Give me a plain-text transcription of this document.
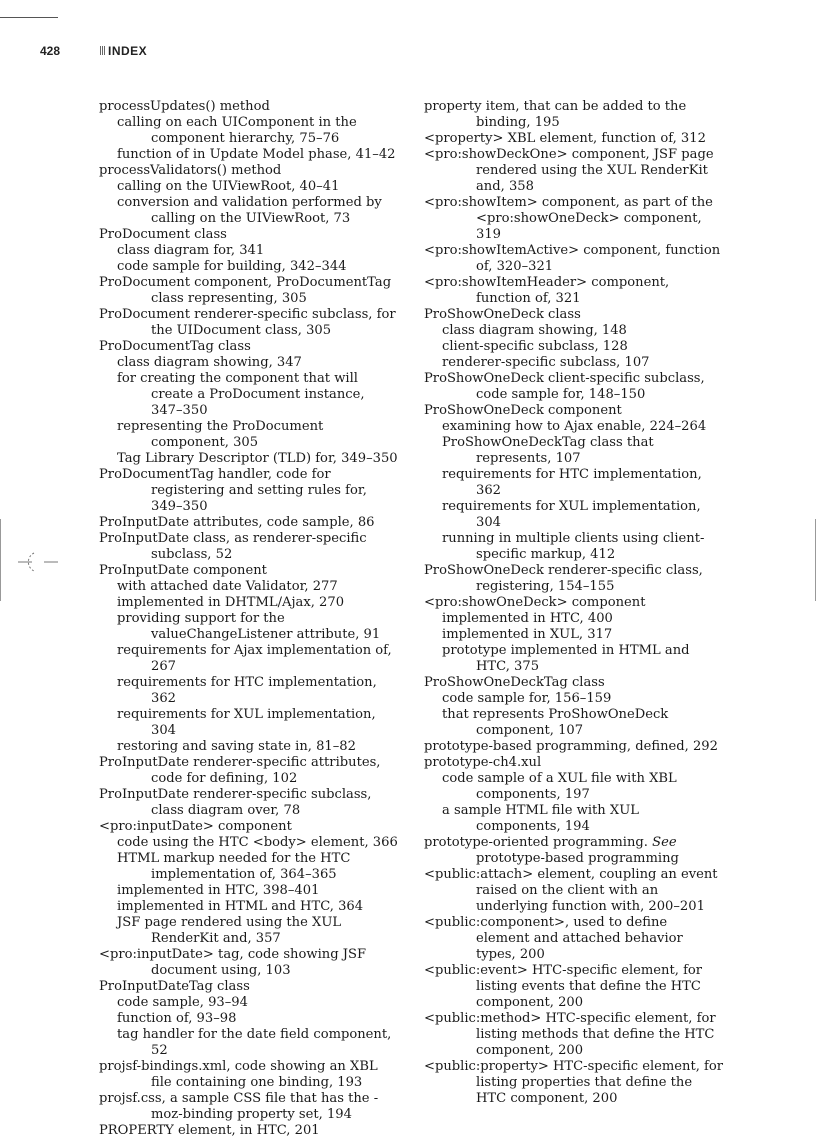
428	INDEX

processUpdates() method

calling on each UIComponent in the component hierarchy, 75–76

function of in Update Model phase, 41–42

processValidators() method

calling on the UIViewRoot, 40–41

conversion and validation performed by calling on the UIViewRoot, 73

ProDocument class

class diagram for, 341

code sample for building, 342–344

ProDocument component, ProDocumentTag class representing, 305

ProDocument renderer-specific subclass, for the UIDocument class, 305

ProDocumentTag class

class diagram showing, 347

for creating the component that will create a ProDocument instance, 347–350

representing the ProDocument component, 305

Tag Library Descriptor (TLD) for, 349–350

ProDocumentTag handler, code for registering and setting rules for, 349–350

ProInputDate attributes, code sample, 86

ProInputDate class, as renderer-specific subclass, 52

ProInputDate component

with attached date Validator, 277

implemented in DHTML/Ajax, 270

providing support for the valueChangeListener attribute, 91

requirements for Ajax implementation of, 267

requirements for HTC implementation, 362

requirements for XUL implementation, 304

restoring and saving state in, 81–82

ProInputDate renderer-specific attributes, code for defining, 102

ProInputDate renderer-specific subclass, class diagram over, 78

<pro:inputDate> component

code using the HTC <body> element, 366

HTML markup needed for the HTC implementation of, 364–365

implemented in HTC, 398–401

implemented in HTML and HTC, 364

JSF page rendered using the XUL RenderKit and, 357

<pro:inputDate> tag, code showing JSF document using, 103

ProInputDateTag class

code sample, 93–94

function of, 93–98

tag handler for the date field component, 52

projsf-bindings.xml, code showing an XBL file containing one binding, 193

projsf.css, a sample CSS file that has the -moz-binding property set, 194

PROPERTY element, in HTC, 201

property item, that can be added to the binding, 195

<property> XBL element, function of, 312

<pro:showDeckOne> component, JSF page rendered using the XUL RenderKit and, 358

<pro:showItem> component, as part of the <pro:showOneDeck> component, 319

<pro:showItemActive> component, function of, 320–321

<pro:showItemHeader> component, function of, 321

ProShowOneDeck class

class diagram showing, 148

client-specific subclass, 128

renderer-specific subclass, 107

ProShowOneDeck client-specific subclass, code sample for, 148–150

ProShowOneDeck component

examining how to Ajax enable, 224–264

ProShowOneDeckTag class that represents, 107

requirements for HTC implementation, 362

requirements for XUL implementation, 304

running in multiple clients using client-specific markup, 412

ProShowOneDeck renderer-specific class, registering, 154–155

<pro:showOneDeck> component

implemented in HTC, 400

implemented in XUL, 317

prototype implemented in HTML and HTC, 375

ProShowOneDeckTag class

code sample for, 156–159

that represents ProShowOneDeck component, 107

prototype-based programming, defined, 292

prototype-ch4.xul

code sample of a XUL file with XBL components, 197

a sample HTML file with XUL components, 194

prototype-oriented programming. See prototype-based programming

<public:attach> element, coupling an event raised on the client with an underlying function with, 200–201

<public:component>, used to define element and attached behavior types, 200

<public:event> HTC-specific element, for listing events that define the HTC component, 200

<public:method> HTC-specific element, for listing methods that define the HTC component, 200

<public:property> HTC-specific element, for listing properties that define the HTC component, 200
